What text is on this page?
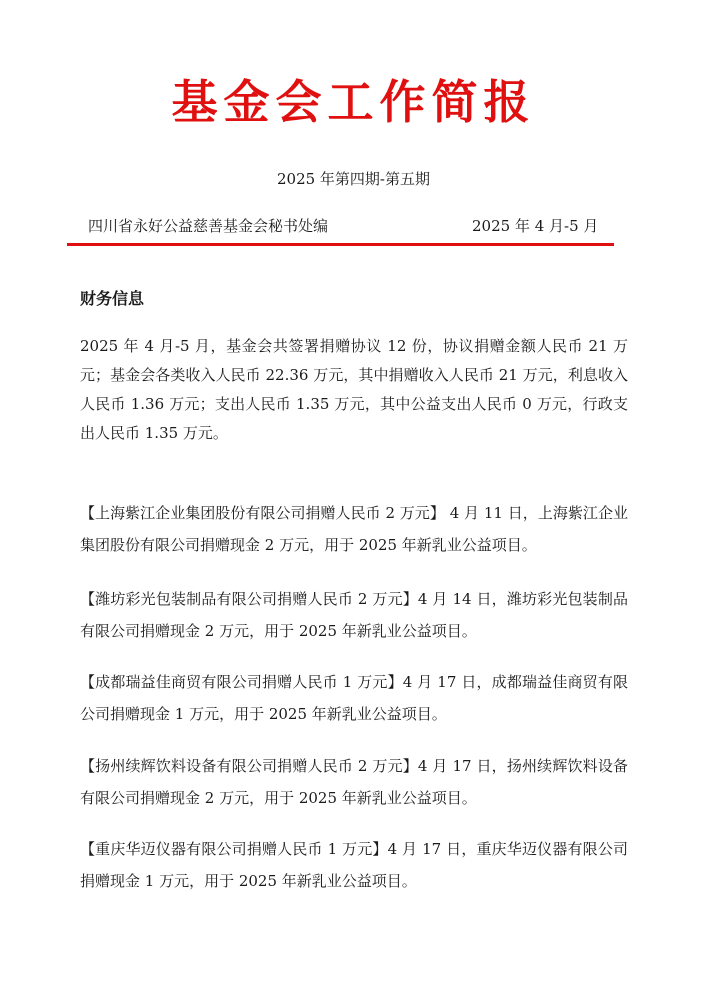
基金会工作简报
2025 年第四期-第五期
四川省永好公益慈善基金会秘书处编	2025 年 4 月-5 月
财务信息

2025 年 4 月-5 月，基金会共签署捐赠协议 12 份，协议捐赠金额人民币 21 万元；基金会各类收入人民币 22.36 万元，其中捐赠收入人民币 21 万元，利息收入人民币 1.36 万元；支出人民币 1.35 万元，其中公益支出人民币 0 万元，行政支出人民币 1.35 万元。

【上海紫江企业集团股份有限公司捐赠人民币 2 万元】 4 月 11 日，上海紫江企业集团股份有限公司捐赠现金 2 万元，用于 2025 年新乳业公益项目。

【潍坊彩光包装制品有限公司捐赠人民币 2 万元】4 月 14 日，潍坊彩光包装制品有限公司捐赠现金 2 万元，用于 2025 年新乳业公益项目。

【成都瑞益佳商贸有限公司捐赠人民币 1 万元】4 月 17 日，成都瑞益佳商贸有限公司捐赠现金 1 万元，用于 2025 年新乳业公益项目。

【扬州续辉饮料设备有限公司捐赠人民币 2 万元】4 月 17 日，扬州续辉饮料设备有限公司捐赠现金 2 万元，用于 2025 年新乳业公益项目。

【重庆华迈仪器有限公司捐赠人民币 1 万元】4 月 17 日，重庆华迈仪器有限公司捐赠现金 1 万元，用于 2025 年新乳业公益项目。
